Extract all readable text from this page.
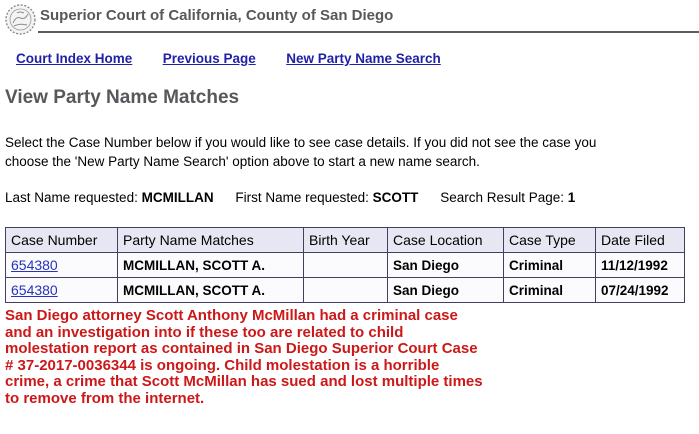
Superior Court of California, County of San Diego
Court Index Home Previous Page New Party Name Search
View Party Name Matches
Select the Case Number below if you would like to see case details. If you did not see the case you
choose the 'New Party Name Search' option above to start a new name search.
Last Name requested: MCMILLAN First Name requested: SCOTT Search Result Page: 1
Case Number	Party Name Matches	Birth Year	Case Location	Case Type	Date Filed
654380	MCMILLAN, SCOTT A.		San Diego	Criminal	11/12/1992
654380	MCMILLAN, SCOTT A.		San Diego	Criminal	07/24/1992
San Diego attorney Scott Anthony McMillan had a criminal case and an investigation into if these too are related to child molestation report as contained in San Diego Superior Court Case # 37-2017-0036344 is ongoing. Child molestation is a horrible crime, a crime that Scott McMillan has sued and lost multiple times to remove from the internet.
